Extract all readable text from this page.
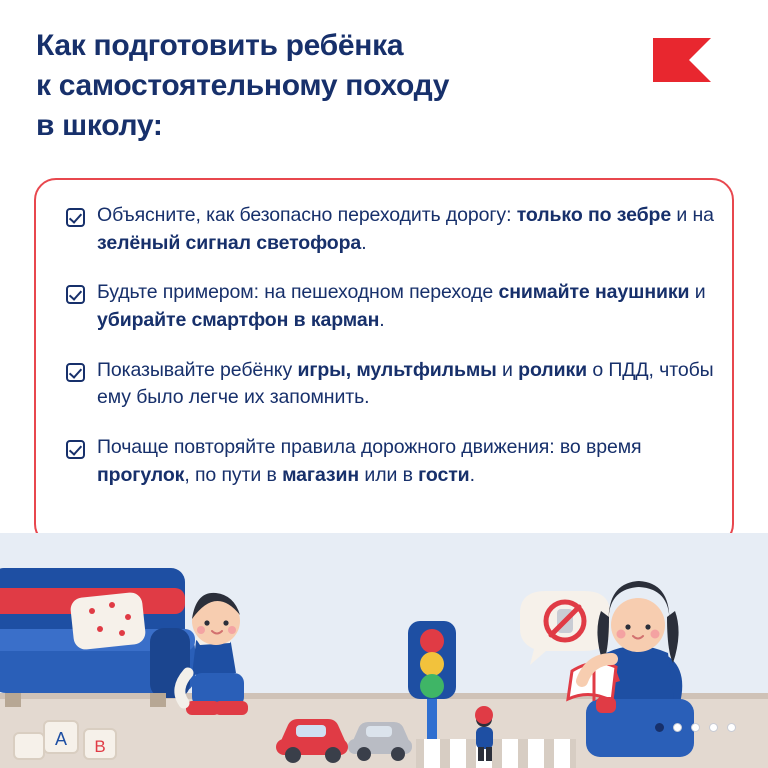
Как подготовить ребёнка
к самостоятельному походу
в школу:
Объясните, как безопасно переходить дорогу: только по зебре и на зелёный сигнал светофора.
Будьте примером: на пешеходном переходе снимайте наушники и убирайте смартфон в карман.
Показывайте ребёнку игры, мультфильмы и ролики о ПДД, чтобы ему было легче их запомнить.
Почаще повторяйте правила дорожного движения: во время прогулок, по пути в магазин или в гости.
A B
